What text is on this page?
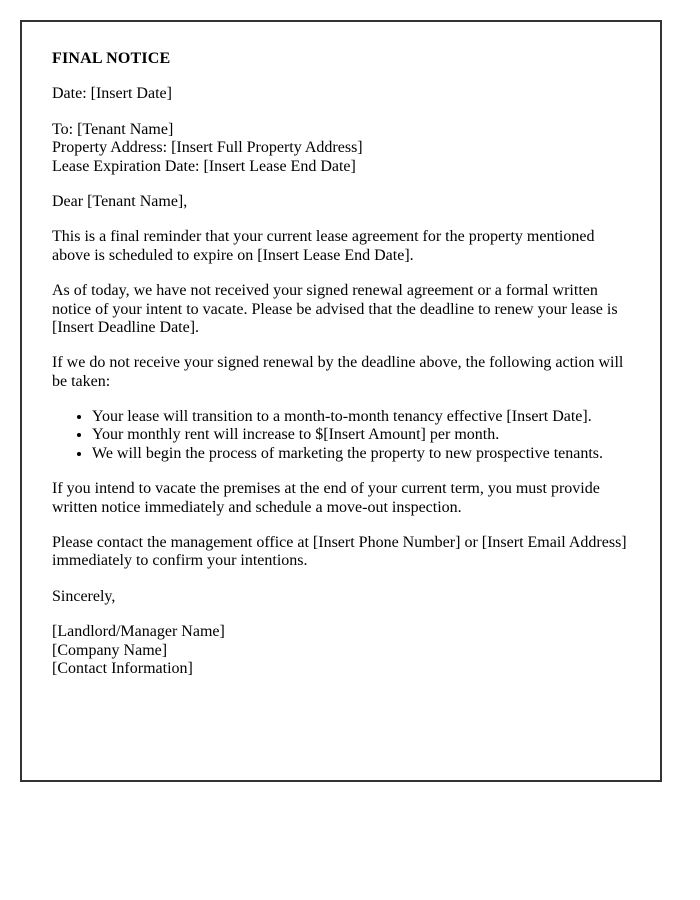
FINAL NOTICE

Date: [Insert Date]

To: [Tenant Name]
Property Address: [Insert Full Property Address]
Lease Expiration Date: [Insert Lease End Date]

Dear [Tenant Name],

This is a final reminder that your current lease agreement for the property mentioned above is scheduled to expire on [Insert Lease End Date].

As of today, we have not received your signed renewal agreement or a formal written notice of your intent to vacate. Please be advised that the deadline to renew your lease is [Insert Deadline Date].

If we do not receive your signed renewal by the deadline above, the following action will be taken:

• Your lease will transition to a month-to-month tenancy effective [Insert Date].
• Your monthly rent will increase to $[Insert Amount] per month.
• We will begin the process of marketing the property to new prospective tenants.

If you intend to vacate the premises at the end of your current term, you must provide written notice immediately and schedule a move-out inspection.

Please contact the management office at [Insert Phone Number] or [Insert Email Address] immediately to confirm your intentions.

Sincerely,

[Landlord/Manager Name]
[Company Name]
[Contact Information]
